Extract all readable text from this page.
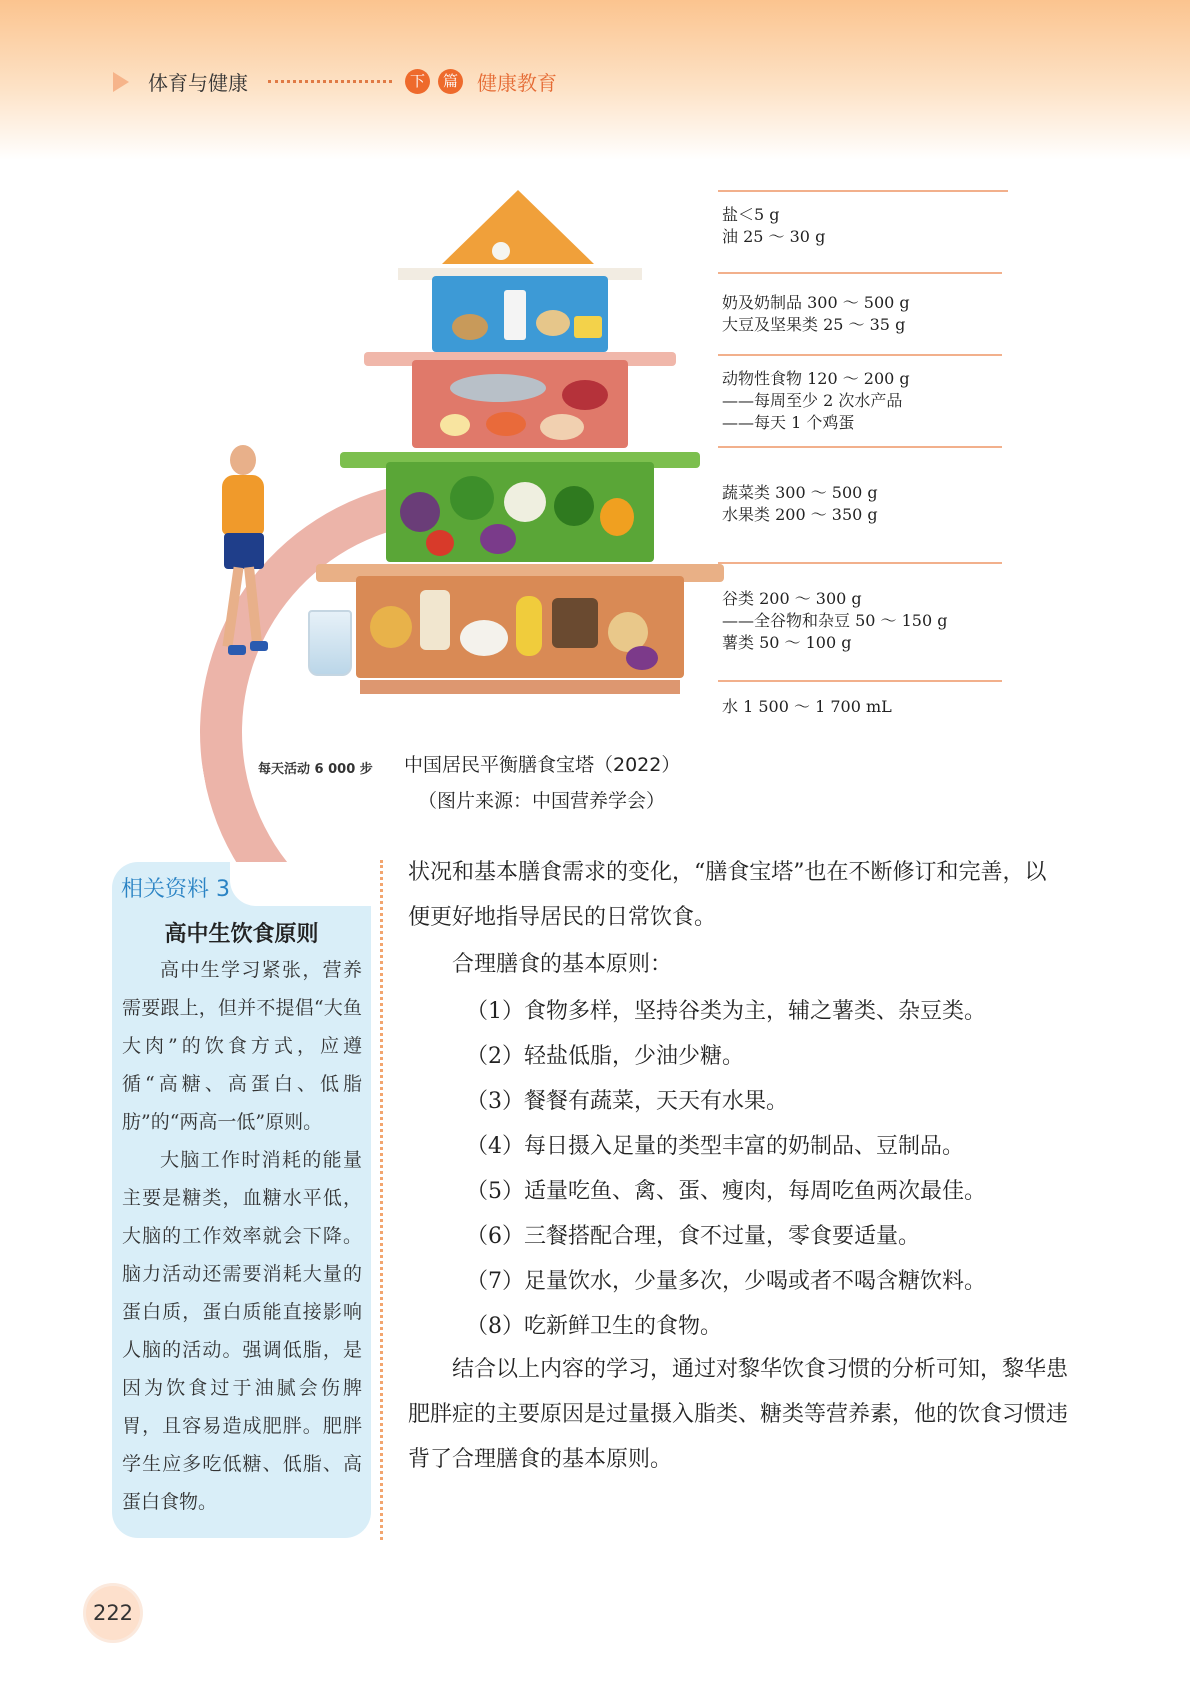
体育与健康	下	篇 健康教育
盐＜5 g
油 25 ～ 30 g
奶及奶制品 300 ～ 500 g
大豆及坚果类 25 ～ 35 g
动物性食物 120 ～ 200 g
——每周至少 2 次水产品
——每天 1 个鸡蛋
蔬菜类 300 ～ 500 g
水果类 200 ～ 350 g
谷类 200 ～ 300 g
——全谷物和杂豆 50 ～ 150 g
薯类 50 ～ 100 g
水 1 500 ～ 1 700 mL
每天活动 6 000 步 中国居民平衡膳食宝塔（2022）
（图片来源：中国营养学会）
相关资料 3
高中生饮食原则

高中生学习紧张，营养需要跟上，但并不提倡“大鱼大肉”的饮食方式，应遵循“高糖、高蛋白、低脂肪”的“两高一低”原则。

大脑工作时消耗的能量主要是糖类，血糖水平低，大脑的工作效率就会下降。脑力活动还需要消耗大量的蛋白质，蛋白质能直接影响人脑的活动。强调低脂，是因为饮食过于油腻会伤脾胃，且容易造成肥胖。肥胖学生应多吃低糖、低脂、高蛋白食物。

状况和基本膳食需求的变化，“膳食宝塔”也在不断修订和完善，以便更好地指导居民的日常饮食。

合理膳食的基本原则：

（1）食物多样，坚持谷类为主，辅之薯类、杂豆类。
（2）轻盐低脂，少油少糖。
（3）餐餐有蔬菜，天天有水果。
（4）每日摄入足量的类型丰富的奶制品、豆制品。
（5）适量吃鱼、禽、蛋、瘦肉，每周吃鱼两次最佳。
（6）三餐搭配合理，食不过量，零食要适量。
（7）足量饮水，少量多次，少喝或者不喝含糖饮料。
（8）吃新鲜卫生的食物。

结合以上内容的学习，通过对黎华饮食习惯的分析可知，黎华患肥胖症的主要原因是过量摄入脂类、糖类等营养素，他的饮食习惯违背了合理膳食的基本原则。

222
